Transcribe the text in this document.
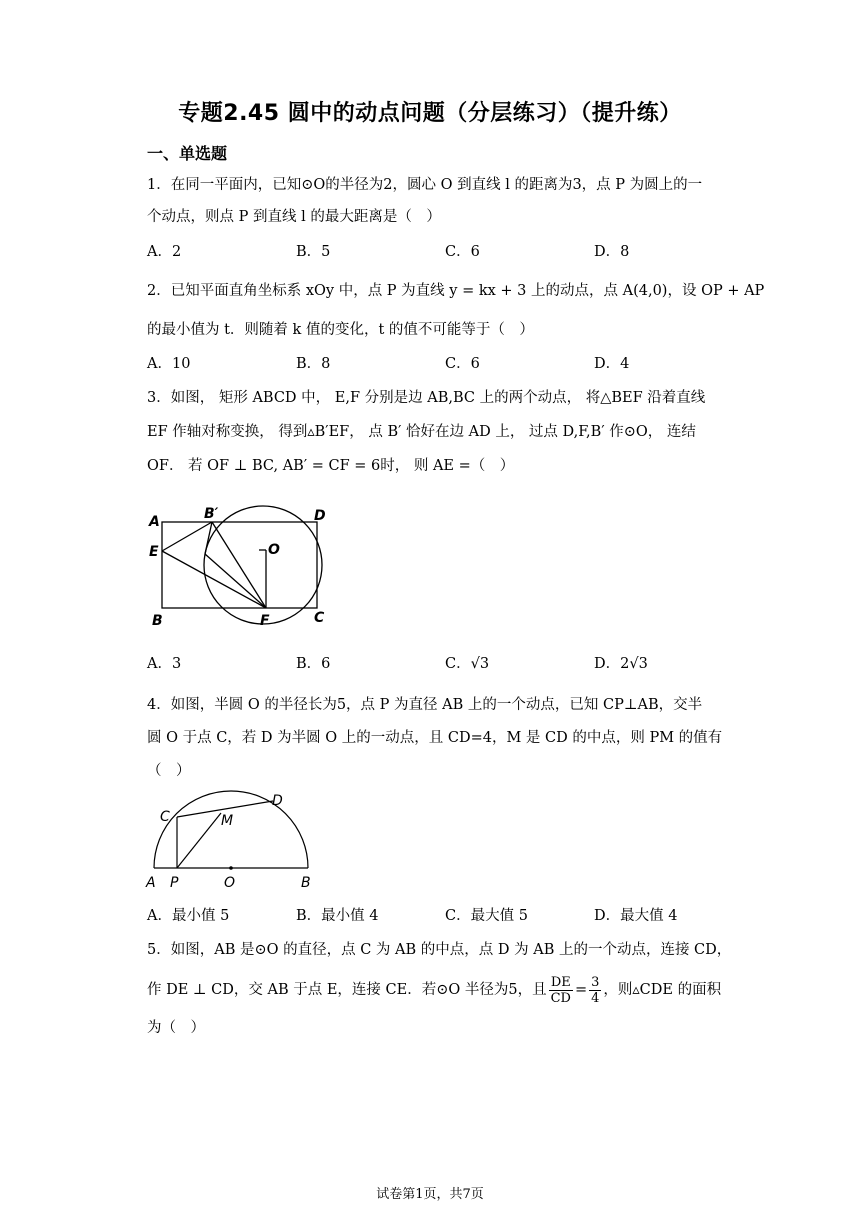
专题2.45 圆中的动点问题（分层练习）（提升练）
一、单选题
1．在同一平面内，已知⊙O的半径为2，圆心 O 到直线 l 的距离为3，点 P 为圆上的一
个动点，则点 P 到直线 l 的最大距离是（　）
A．2	B．5	C．6	D．8
2．已知平面直角坐标系 xOy 中，点 P 为直线 y = kx + 3 上的动点，点 A(4,0)，设 OP + AP
的最小值为 t．则随着 k 值的变化，t 的值不可能等于（　）
A．10	B．8	C．6	D．4
3．如图， 矩形 ABCD 中， E,F 分别是边 AB,BC 上的两个动点， 将△BEF 沿着直线
EF 作轴对称变换， 得到▵B′EF， 点 B′ 恰好在边 AD 上， 过点 D,F,B′ 作⊙O， 连结
OF． 若 OF ⊥ BC, AB′ = CF = 6时， 则 AE =（　）
A	B′	D
E	O
B	F	C
A．3	B．6	C．√3	D．2√3
4．如图，半圆 O 的半径长为5，点 P 为直径 AB 上的一个动点，已知 CP⊥AB，交半
圆 O 于点 C，若 D 为半圆 O 上的一动点，且 CD=4，M 是 CD 的中点，则 PM 的值有
（　）
C
D
M
A P	O	B
A．最小值 5	B．最小值 4	C．最大值 5	D．最大值 4
5．如图，AB 是⊙O 的直径，点 C 为 AB 的中点，点 D 为 AB 上的一个动点，连接 CD，
作 DE ⊥ CD，交 AB 于点 E，连接 CE．若⊙O 半径为5，且 $\frac{DE}{CD} = \frac{3}{4}$ ，则▵CDE 的面积
为（　）
试卷第1页，共7页
